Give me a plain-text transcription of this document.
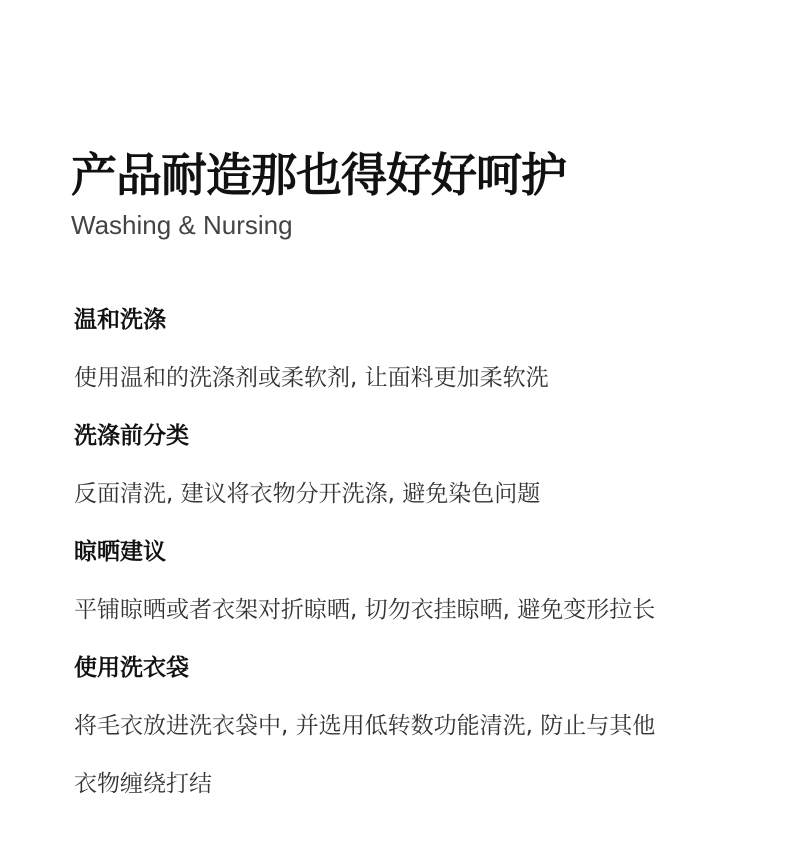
产品耐造那也得好好呵护

Washing & Nursing

温和洗涤

使用温和的洗涤剂或柔软剂, 让面料更加柔软洗

洗涤前分类

反面清洗, 建议将衣物分开洗涤, 避免染色问题

晾晒建议

平铺晾晒或者衣架对折晾晒, 切勿衣挂晾晒, 避免变形拉长

使用洗衣袋

将毛衣放进洗衣袋中, 并选用低转数功能清洗, 防止与其他
衣物缠绕打结
